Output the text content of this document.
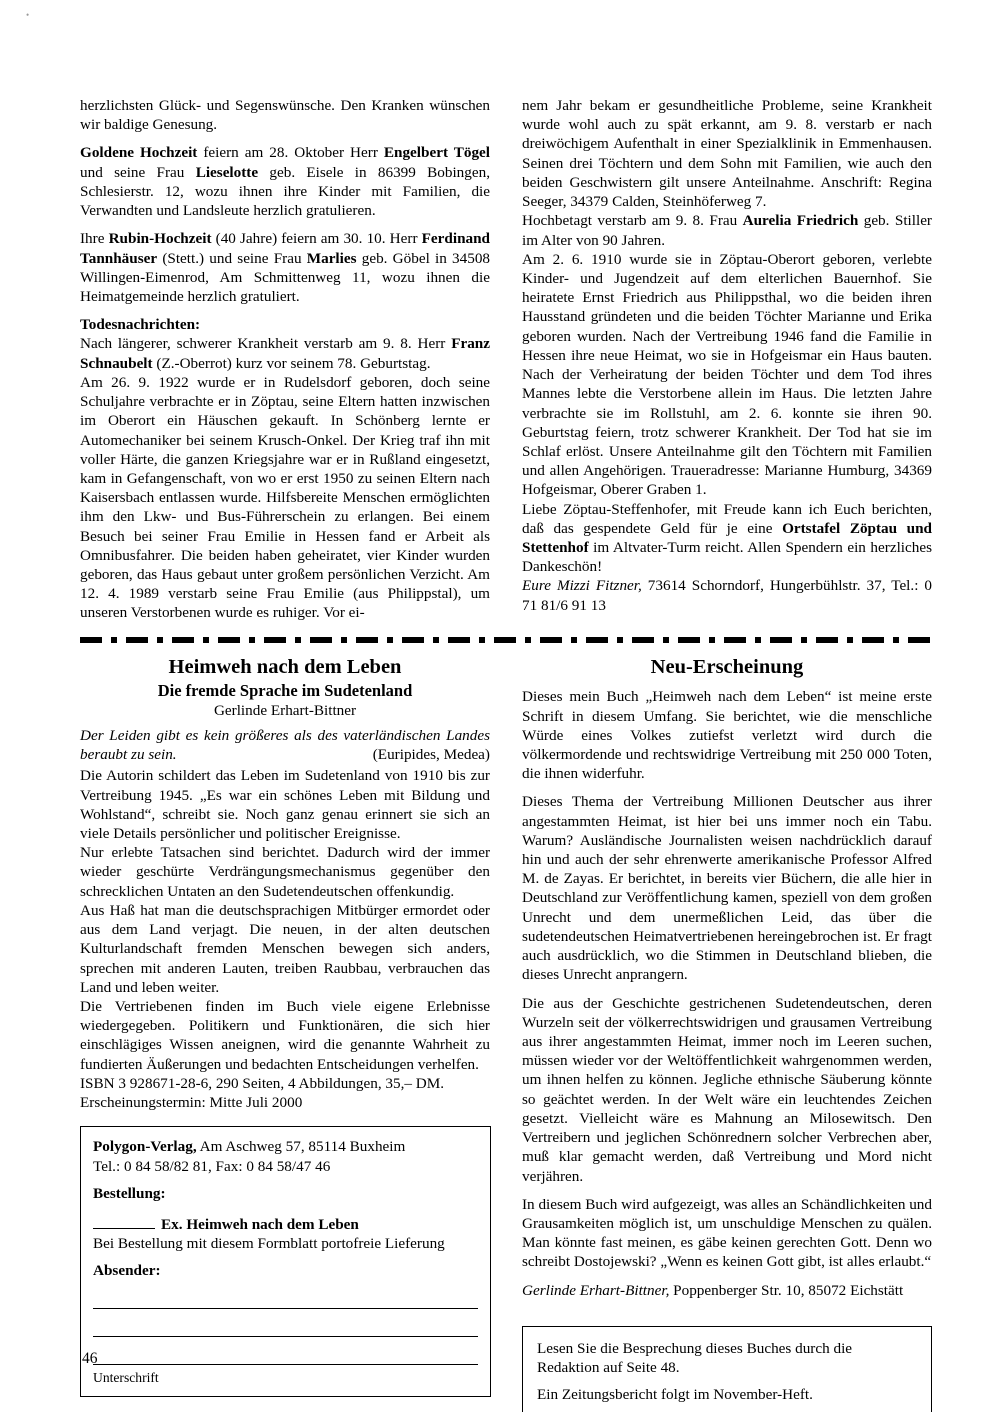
•

herzlichsten Glück- und Segenswünsche. Den Kranken wünschen wir baldige Genesung.

Goldene Hochzeit feiern am 28. Oktober Herr Engelbert Tögel und seine Frau Lieselotte geb. Eisele in 86399 Bobingen, Schlesierstr. 12, wozu ihnen ihre Kinder mit Familien, die Verwandten und Landsleute herzlich gratulieren.

Ihre Rubin-Hochzeit (40 Jahre) feiern am 30. 10. Herr Ferdinand Tannhäuser (Stett.) und seine Frau Marlies geb. Göbel in 34508 Willingen-Eimenrod, Am Schmittenweg 11, wozu ihnen die Heimatgemeinde herzlich gratuliert.

Todesnachrichten:

Nach längerer, schwerer Krankheit verstarb am 9. 8. Herr Franz Schnaubelt (Z.-Oberrot) kurz vor seinem 78. Geburtstag.

Am 26. 9. 1922 wurde er in Rudelsdorf geboren, doch seine Schuljahre verbrachte er in Zöptau, seine Eltern hatten inzwischen im Oberort ein Häuschen gekauft. In Schönberg lernte er Automechaniker bei seinem Krusch-Onkel. Der Krieg traf ihn mit voller Härte, die ganzen Kriegsjahre war er in Rußland eingesetzt, kam in Gefangenschaft, von wo er erst 1950 zu seinen Eltern nach Kaisersbach entlassen wurde. Hilfsbereite Menschen ermöglichten ihm den Lkw- und Bus-Führerschein zu erlangen. Bei einem Besuch bei seiner Frau Emilie in Hessen fand er Arbeit als Omnibusfahrer. Die beiden haben geheiratet, vier Kinder wurden geboren, das Haus gebaut unter großem persönlichen Verzicht. Am 12. 4. 1989 verstarb seine Frau Emilie (aus Philippstal), um unseren Verstorbenen wurde es ruhiger. Vor ei-

nem Jahr bekam er gesundheitliche Probleme, seine Krankheit wurde wohl auch zu spät erkannt, am 9. 8. verstarb er nach dreiwöchigem Aufenthalt in einer Spezialklinik in Emmenhausen. Seinen drei Töchtern und dem Sohn mit Familien, wie auch den beiden Geschwistern gilt unsere Anteilnahme. Anschrift: Regina Seeger, 34379 Calden, Steinhöferweg 7.

Hochbetagt verstarb am 9. 8. Frau Aurelia Friedrich geb. Stiller im Alter von 90 Jahren.

Am 2. 6. 1910 wurde sie in Zöptau-Oberort geboren, verlebte Kinder- und Jugendzeit auf dem elterlichen Bauernhof. Sie heiratete Ernst Friedrich aus Philippsthal, wo die beiden ihren Hausstand gründeten und die beiden Töchter Marianne und Erika geboren wurden. Nach der Vertreibung 1946 fand die Familie in Hessen ihre neue Heimat, wo sie in Hofgeismar ein Haus bauten. Nach der Verheiratung der beiden Töchter und dem Tod ihres Mannes lebte die Verstorbene allein im Haus. Die letzten Jahre verbrachte sie im Rollstuhl, am 2. 6. konnte sie ihren 90. Geburtstag feiern, trotz schwerer Krankheit. Der Tod hat sie im Schlaf erlöst. Unsere Anteilnahme gilt den Töchtern mit Familien und allen Angehörigen. Traueradresse: Marianne Humburg, 34369 Hofgeismar, Oberer Graben 1.

Liebe Zöptau-Steffenhofer, mit Freude kann ich Euch berichten, daß das gespendete Geld für je eine Ortstafel Zöptau und Stettenhof im Altvater-Turm reicht. Allen Spendern ein herzliches Dankeschön!

Eure Mizzi Fitzner, 73614 Schorndorf, Hungerbühlstr. 37, Tel.: 0 71 81/6 91 13

Heimweh nach dem Leben
Die fremde Sprache im Sudetenland
Gerlinde Erhart-Bittner

Der Leiden gibt es kein größeres als des vaterländischen Landes beraubt zu sein.	(Euripides, Medea)

Die Autorin schildert das Leben im Sudetenland von 1910 bis zur Vertreibung 1945. „Es war ein schönes Leben mit Bildung und Wohlstand“, schreibt sie. Noch ganz genau erinnert sie sich an viele Details persönlicher und politischer Ereignisse.

Nur erlebte Tatsachen sind berichtet. Dadurch wird der immer wieder geschürte Verdrängungsmechanismus gegenüber den schrecklichen Untaten an den Sudetendeutschen offenkundig.

Aus Haß hat man die deutschsprachigen Mitbürger ermordet oder aus dem Land verjagt. Die neuen, in der alten deutschen Kulturlandschaft fremden Menschen bewegen sich anders, sprechen mit anderen Lauten, treiben Raubbau, verbrauchen das Land und leben weiter.

Die Vertriebenen finden im Buch viele eigene Erlebnisse wiedergegeben. Politikern und Funktionären, die sich hier einschlägiges Wissen aneignen, wird die genannte Wahrheit zu fundierten Äußerungen und bedachten Entscheidungen verhelfen.

ISBN 3 928671-28-6, 290 Seiten, 4 Abbildungen, 35,– DM.

Erscheinungstermin: Mitte Juli 2000

Polygon-Verlag, Am Aschweg 57, 85114 Buxheim

Tel.: 0 84 58/82 81, Fax: 0 84 58/47 46

Bestellung:

Ex. Heimweh nach dem Leben

Bei Bestellung mit diesem Formblatt portofreie Lieferung

Absender:

Unterschrift
Neu-Erscheinung

Dieses mein Buch „Heimweh nach dem Leben“ ist meine erste Schrift in diesem Umfang. Sie berichtet, wie die menschliche Würde eines Volkes zutiefst verletzt wird durch die völkermordende und rechtswidrige Vertreibung mit 250 000 Toten, die ihnen widerfuhr.

Dieses Thema der Vertreibung Millionen Deutscher aus ihrer angestammten Heimat, ist hier bei uns immer noch ein Tabu. Warum? Ausländische Journalisten weisen nachdrücklich darauf hin und auch der sehr ehrenwerte amerikanische Professor Alfred M. de Zayas. Er berichtet, in bereits vier Büchern, die alle hier in Deutschland zur Veröffentlichung kamen, speziell von dem großen Unrecht und dem unermeßlichen Leid, das über die sudetendeutschen Heimatvertriebenen hereingebrochen ist. Er fragt auch ausdrücklich, wo die Stimmen in Deutschland blieben, die dieses Unrecht anprangern.

Die aus der Geschichte gestrichenen Sudetendeutschen, deren Wurzeln seit der völkerrechtswidrigen und grausamen Vertreibung aus ihrer angestammten Heimat, immer noch im Leeren suchen, müssen wieder vor der Weltöffentlichkeit wahrgenommen werden, um ihnen helfen zu können. Jegliche ethnische Säuberung könnte so geächtet werden. In der Welt wäre ein leuchtendes Zeichen gesetzt. Vielleicht wäre es Mahnung an Milosewitsch. Den Vertreibern und jeglichen Schönrednern solcher Verbrechen aber, muß klar gemacht werden, daß Vertreibung und Mord nicht verjähren.

In diesem Buch wird aufgezeigt, was alles an Schändlichkeiten und Grausamkeiten möglich ist, um unschuldige Menschen zu quälen. Man könnte fast meinen, es gäbe keinen gerechten Gott. Denn wo schreibt Dostojewski? „Wenn es keinen Gott gibt, ist alles erlaubt.“

Gerlinde Erhart-Bittner, Poppenberger Str. 10, 85072 Eichstätt

Lesen Sie die Besprechung dieses Buches durch die Redaktion auf Seite 48.

Ein Zeitungsbericht folgt im November-Heft.

46
